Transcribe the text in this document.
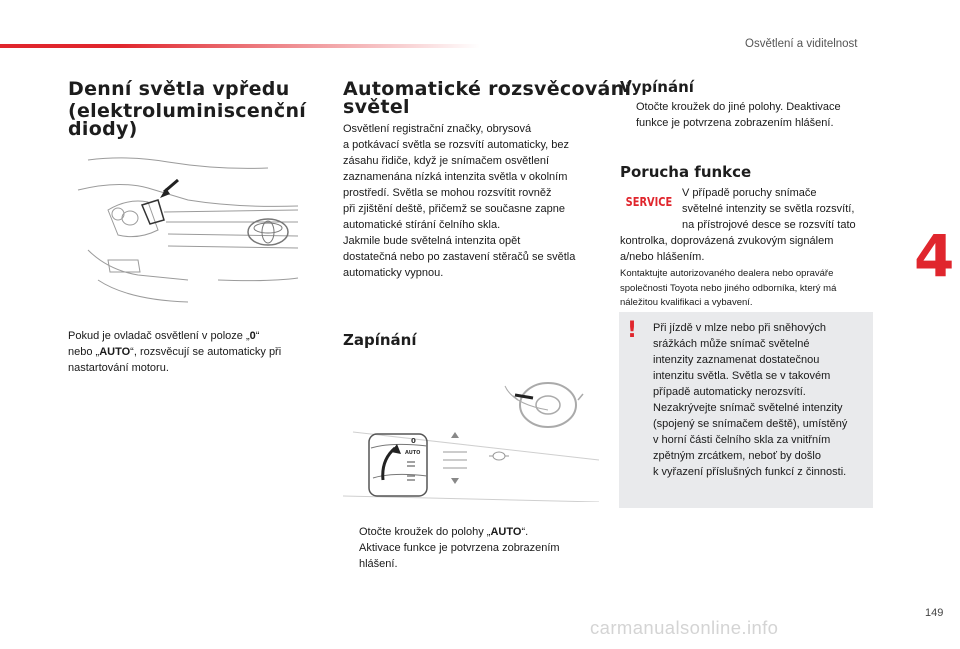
Osvětlení a viditelnost
4
Denní světla vpředu
(elektroluminiscenční
diody)
Pokud je ovladač osvětlení v poloze „0“
nebo „AUTO“, rozsvěcují se automaticky při
nastartování motoru.
Automatické rozsvěcování
světel
Osvětlení registrační značky, obrysová
a potkávací světla se rozsvítí automaticky, bez
zásahu řidiče, když je snímačem osvětlení
zaznamenána nízká intenzita světla v okolním
prostředí. Světla se mohou rozsvítit rovněž
při zjištění deště, přičemž se současne zapne
automatické stírání čelního skla.
Jakmile bude světelná intenzita opět
dostatečná nebo po zastavení stěračů se světla
automaticky vypnou.
Zapínání
0
AUTO
Otočte kroužek do polohy „AUTO“.
Aktivace funkce je potvrzena zobrazením
hlášení.
Vypínání
Otočte kroužek do jiné polohy. Deaktivace
funkce je potvrzena zobrazením hlášení.
Porucha funkce
SERVICE
V případě poruchy snímače
světelné intenzity se světla rozsvítí,
na přístrojové desce se rozsvítí tato
kontrolka, doprovázená zvukovým signálem
a/nebo hlášením.
Kontaktujte autorizovaného dealera nebo opraváře
společnosti Toyota nebo jiného odborníka, který má
náležitou kvalifikaci a vybavení.
! Při jízdě v mlze nebo při sněhových
srážkách může snímač světelné
intenzity zaznamenat dostatečnou
intenzitu světla. Světla se v takovém
případě automaticky nerozsvítí.
Nezakrývejte snímač světelné intenzity
(spojený se snímačem deště), umístěný
v horní části čelního skla za vnitřním
zpětným zrcátkem, neboť by došlo
k vyřazení příslušných funkcí z činnosti.
149
carmanualsonline.info
